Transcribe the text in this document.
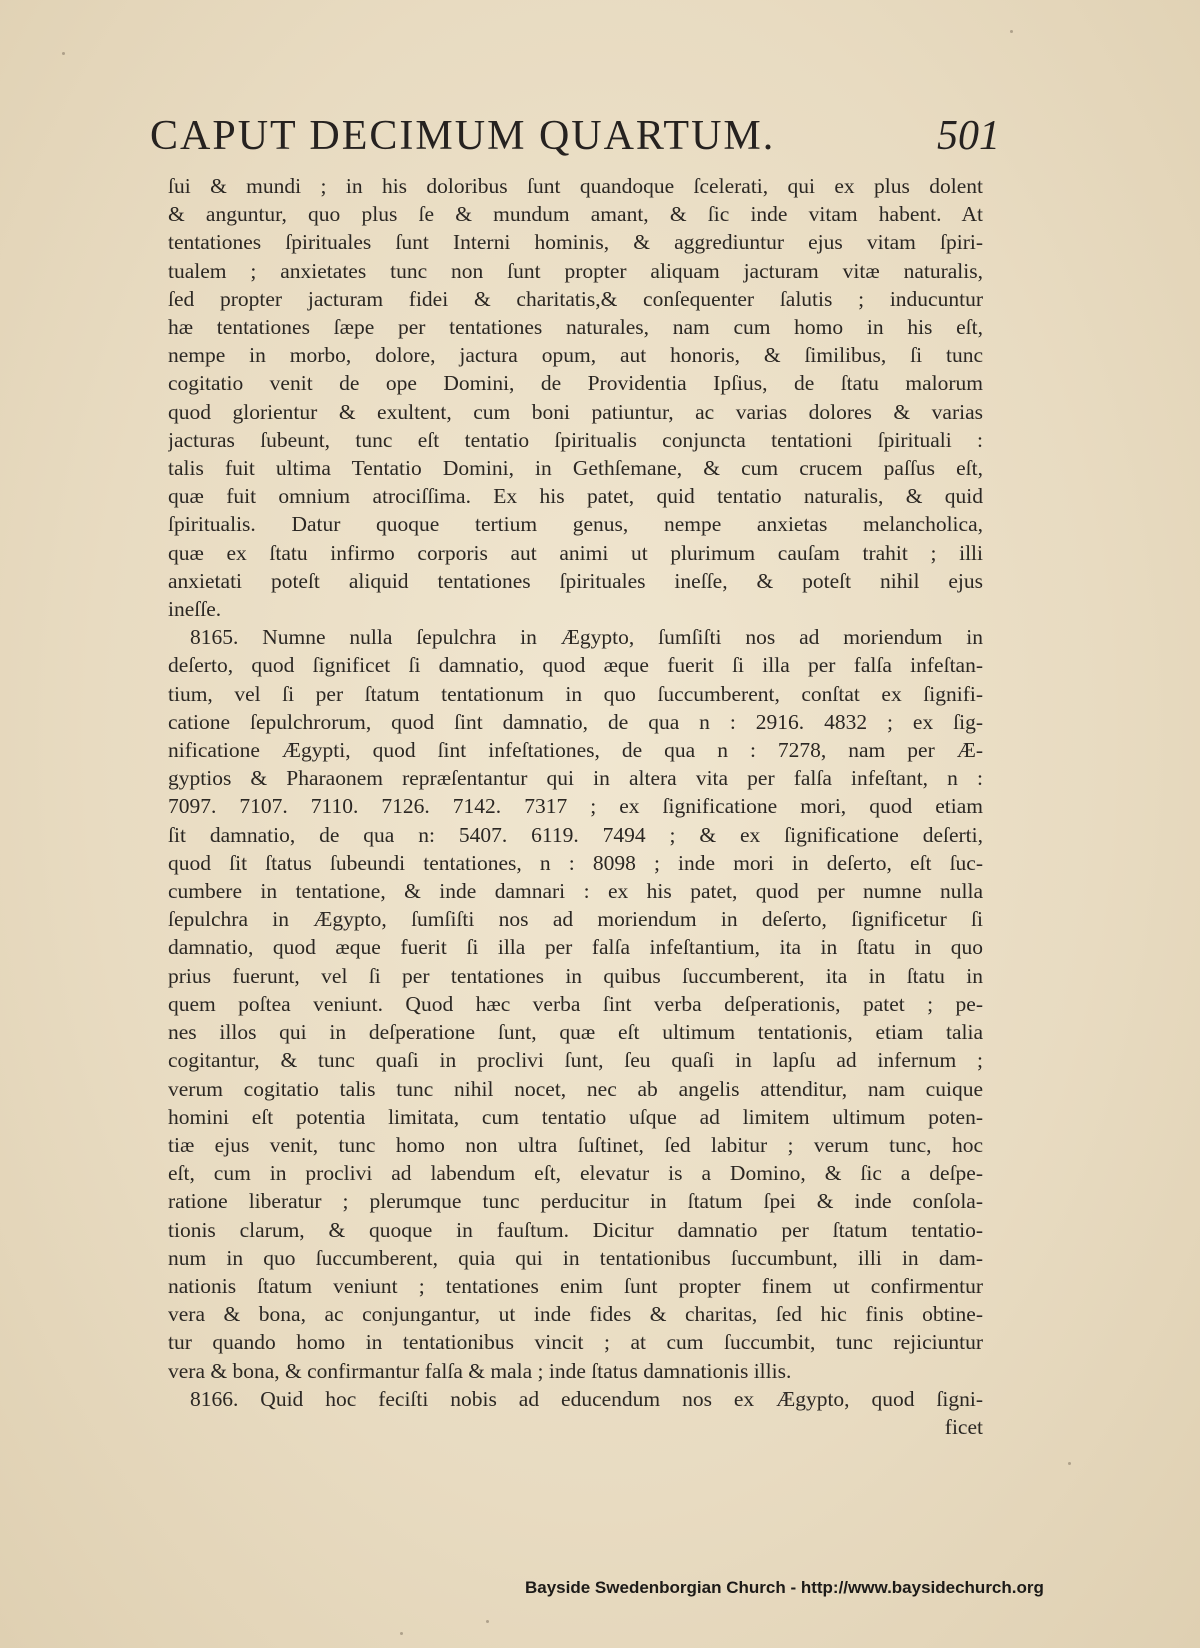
CAPUT DECIMUM QUARTUM.	501
ſui & mundi ; in his doloribus ſunt quandoque ſcelerati, qui ex plus dolent
& anguntur, quo plus ſe & mundum amant, & ſic inde vitam habent. At
tentationes ſpirituales ſunt Interni hominis, & aggrediuntur ejus vitam ſpiri-
tualem ; anxietates tunc non ſunt propter aliquam jacturam vitæ naturalis,
ſed propter jacturam fidei & charitatis,& conſequenter ſalutis ; inducuntur
hæ tentationes ſæpe per tentationes naturales, nam cum homo in his eſt,
nempe in morbo, dolore, jactura opum, aut honoris, & ſimilibus, ſi tunc
cogitatio venit de ope Domini, de Providentia Ipſius, de ſtatu malorum
quod glorientur & exultent, cum boni patiuntur, ac varias dolores & varias
jacturas ſubeunt, tunc eſt tentatio ſpiritualis conjuncta tentationi ſpirituali :
talis fuit ultima Tentatio Domini, in Gethſemane, & cum crucem paſſus eſt,
quæ fuit omnium atrociſſima. Ex his patet, quid tentatio naturalis, & quid
ſpiritualis. Datur quoque tertium genus, nempe anxietas melancholica,
quæ ex ſtatu infirmo corporis aut animi ut plurimum cauſam trahit ; illi
anxietati poteſt aliquid tentationes ſpirituales ineſſe, & poteſt nihil ejus
ineſſe.
8165. Numne nulla ſepulchra in Ægypto, ſumſiſti nos ad moriendum in
deſerto, quod ſignificet ſi damnatio, quod æque fuerit ſi illa per falſa infeſtan-
tium, vel ſi per ſtatum tentationum in quo ſuccumberent, conſtat ex ſignifi-
catione ſepulchrorum, quod ſint damnatio, de qua n : 2916. 4832 ; ex ſig-
nificatione Ægypti, quod ſint infeſtationes, de qua n : 7278, nam per Æ-
gyptios & Pharaonem repræſentantur qui in altera vita per falſa infeſtant, n :
7097. 7107. 7110. 7126. 7142. 7317 ; ex ſignificatione mori, quod etiam
ſit damnatio, de qua n: 5407. 6119. 7494 ; & ex ſignificatione deſerti,
quod ſit ſtatus ſubeundi tentationes, n : 8098 ; inde mori in deſerto, eſt ſuc-
cumbere in tentatione, & inde damnari : ex his patet, quod per numne nulla
ſepulchra in Ægypto, ſumſiſti nos ad moriendum in deſerto, ſignificetur ſi
damnatio, quod æque fuerit ſi illa per falſa infeſtantium, ita in ſtatu in quo
prius fuerunt, vel ſi per tentationes in quibus ſuccumberent, ita in ſtatu in
quem poſtea veniunt. Quod hæc verba ſint verba deſperationis, patet ; pe-
nes illos qui in deſperatione ſunt, quæ eſt ultimum tentationis, etiam talia
cogitantur, & tunc quaſi in proclivi ſunt, ſeu quaſi in lapſu ad infernum ;
verum cogitatio talis tunc nihil nocet, nec ab angelis attenditur, nam cuique
homini eſt potentia limitata, cum tentatio uſque ad limitem ultimum poten-
tiæ ejus venit, tunc homo non ultra ſuſtinet, ſed labitur ; verum tunc, hoc
eſt, cum in proclivi ad labendum eſt, elevatur is a Domino, & ſic a deſpe-
ratione liberatur ; plerumque tunc perducitur in ſtatum ſpei & inde conſola-
tionis clarum, & quoque in fauſtum. Dicitur damnatio per ſtatum tentatio-
num in quo ſuccumberent, quia qui in tentationibus ſuccumbunt, illi in dam-
nationis ſtatum veniunt ; tentationes enim ſunt propter finem ut confirmentur
vera & bona, ac conjungantur, ut inde fides & charitas, ſed hic finis obtine-
tur quando homo in tentationibus vincit ; at cum ſuccumbit, tunc rejiciuntur
vera & bona, & confirmantur falſa & mala ; inde ſtatus damnationis illis.
8166. Quid hoc feciſti nobis ad educendum nos ex Ægypto, quod ſigni-
ficet
Bayside Swedenborgian Church - http://www.baysidechurch.org
